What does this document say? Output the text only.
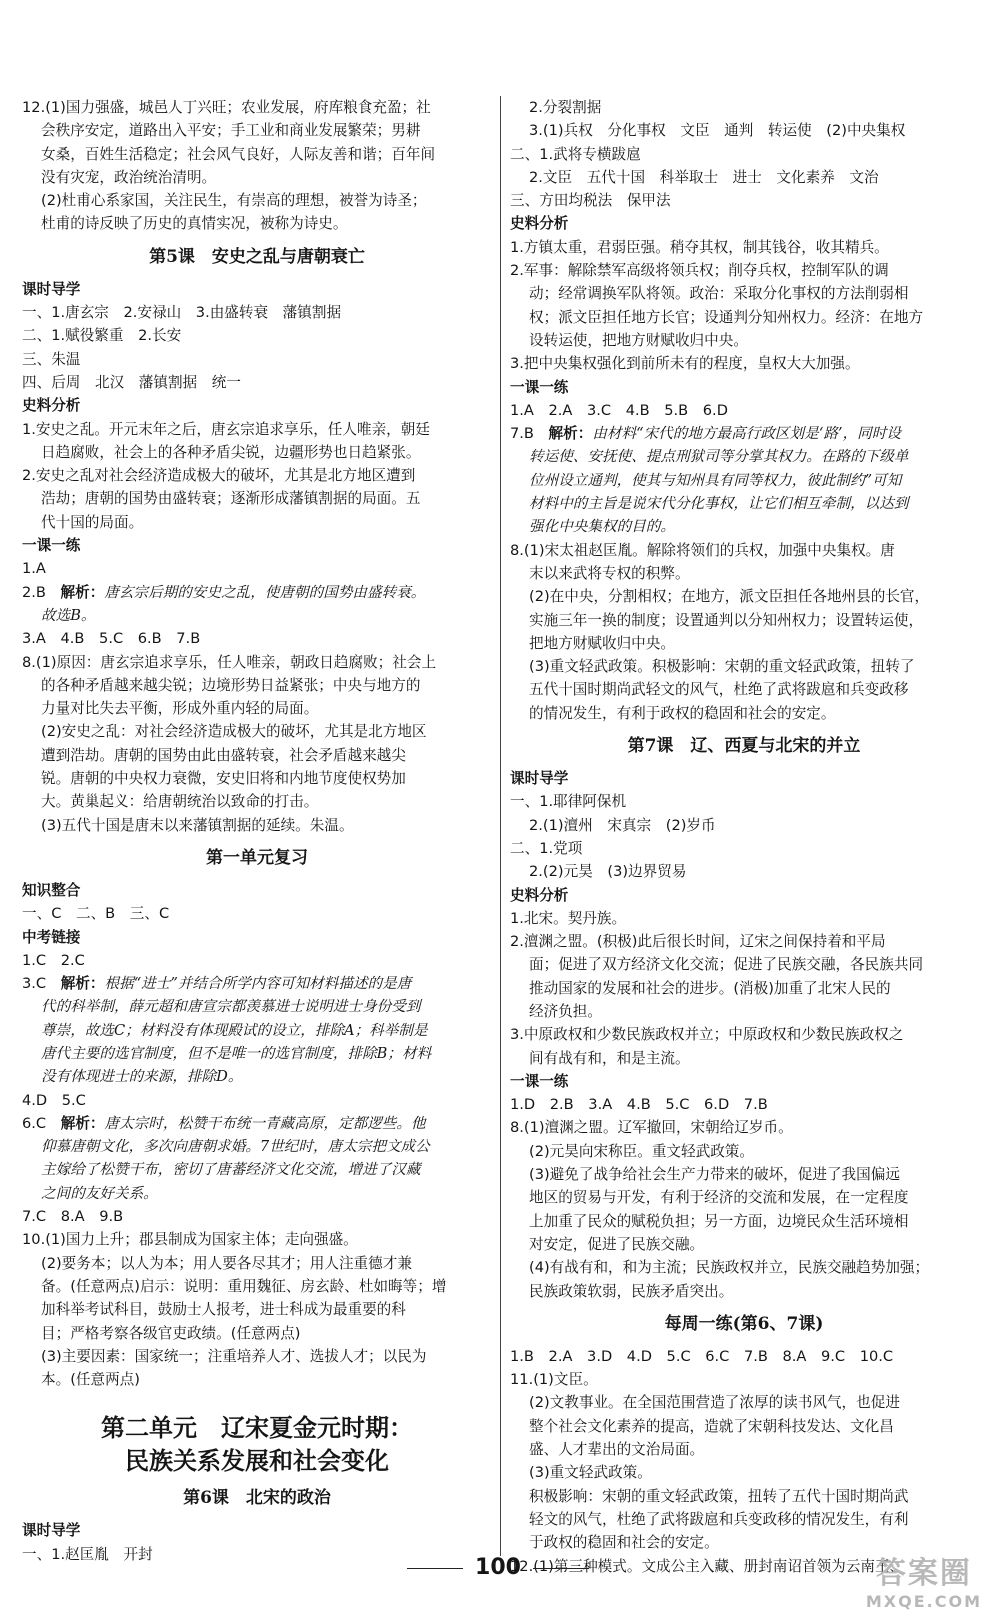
12.(1)国力强盛，城邑人丁兴旺；农业发展，府库粮食充盈；社
会秩序安定，道路出入平安；手工业和商业发展繁荣；男耕
女桑，百姓生活稳定；社会风气良好，人际友善和谐；百年间
没有灾宠，政治统治清明。
(2)杜甫心系家国，关注民生，有崇高的理想，被誉为诗圣；
杜甫的诗反映了历史的真情实况，被称为诗史。
第5课　安史之乱与唐朝衰亡
课时导学
一、1.唐玄宗　2.安禄山　3.由盛转衰　藩镇割据
二、1.赋役繁重　2.长安
三、朱温
四、后周　北汉　藩镇割据　统一
史料分析
1.安史之乱。开元末年之后，唐玄宗追求享乐，任人唯亲，朝廷
日趋腐败，社会上的各种矛盾尖锐，边疆形势也日趋紧张。
2.安史之乱对社会经济造成极大的破坏，尤其是北方地区遭到
浩劫；唐朝的国势由盛转衰；逐渐形成藩镇割据的局面。五
代十国的局面。
一课一练
1.A
2.B　解析：唐玄宗后期的安史之乱，使唐朝的国势由盛转衰。
故选B。
3.A　4.B　5.C　6.B　7.B
8.(1)原因：唐玄宗追求享乐，任人唯亲，朝政日趋腐败；社会上
的各种矛盾越来越尖锐；边境形势日益紧张；中央与地方的
力量对比失去平衡，形成外重内轻的局面。
(2)安史之乱：对社会经济造成极大的破坏，尤其是北方地区
遭到浩劫。唐朝的国势由此由盛转衰，社会矛盾越来越尖
锐。唐朝的中央权力衰微，安史旧将和内地节度使权势加
大。黄巢起义：给唐朝统治以致命的打击。
(3)五代十国是唐末以来藩镇割据的延续。朱温。
第一单元复习
知识整合
一、C　二、B　三、C
中考链接
1.C　2.C
3.C　解析：根据“进士”并结合所学内容可知材料描述的是唐
代的科举制，薛元超和唐宣宗都羡慕进士说明进士身份受到
尊崇，故选C；材料没有体现殿试的设立，排除A；科举制是
唐代主要的选官制度，但不是唯一的选官制度，排除B；材料
没有体现进士的来源，排除D。
4.D　5.C
6.C　解析：唐太宗时，松赞干布统一青藏高原，定都逻些。他
仰慕唐朝文化，多次向唐朝求婚。7世纪时，唐太宗把文成公
主嫁给了松赞干布，密切了唐蕃经济文化交流，增进了汉藏
之间的友好关系。
7.C　8.A　9.B
10.(1)国力上升；郡县制成为国家主体；走向强盛。
(2)要务本；以人为本；用人要各尽其才；用人注重德才兼
备。(任意两点)启示：说明：重用魏征、房玄龄、杜如晦等；增
加科举考试科目，鼓励士人报考，进士科成为最重要的科
目；严格考察各级官吏政绩。(任意两点)
(3)主要因素：国家统一；注重培养人才、选拔人才；以民为
本。(任意两点)
第二单元　辽宋夏金元时期：
民族关系发展和社会变化
第6课　北宋的政治
课时导学
一、1.赵匡胤　开封
2.分裂割据
3.(1)兵权　分化事权　文臣　通判　转运使　(2)中央集权
二、1.武将专横跋扈
2.文臣　五代十国　科举取士　进士　文化素养　文治
三、方田均税法　保甲法
史料分析
1.方镇太重，君弱臣强。稍夺其权，制其钱谷，收其精兵。
2.军事：解除禁军高级将领兵权；削夺兵权，控制军队的调
动；经常调换军队将领。政治：采取分化事权的方法削弱相
权；派文臣担任地方长官；设通判分知州权力。经济：在地方
设转运使，把地方财赋收归中央。
3.把中央集权强化到前所未有的程度，皇权大大加强。
一课一练
1.A　2.A　3.C　4.B　5.B　6.D
7.B　解析：由材料“宋代的地方最高行政区划是‘路’，同时设
转运使、安抚使、提点刑狱司等分掌其权力。在路的下级单
位州设立通判，使其与知州具有同等权力，彼此制约”可知
材料中的主旨是说宋代分化事权，让它们相互牵制，以达到
强化中央集权的目的。
8.(1)宋太祖赵匡胤。解除将领们的兵权，加强中央集权。唐
末以来武将专权的积弊。
(2)在中央，分割相权；在地方，派文臣担任各地州县的长官，
实施三年一换的制度；设置通判以分知州权力；设置转运使，
把地方财赋收归中央。
(3)重文轻武政策。积极影响：宋朝的重文轻武政策，扭转了
五代十国时期尚武轻文的风气，杜绝了武将跋扈和兵变政移
的情况发生，有利于政权的稳固和社会的安定。
第7课　辽、西夏与北宋的并立
课时导学
一、1.耶律阿保机
2.(1)澶州　宋真宗　(2)岁币
二、1.党项
2.(2)元昊　(3)边界贸易
史料分析
1.北宋。契丹族。
2.澶渊之盟。(积极)此后很长时间，辽宋之间保持着和平局
面；促进了双方经济文化交流；促进了民族交融，各民族共同
推动国家的发展和社会的进步。(消极)加重了北宋人民的
经济负担。
3.中原政权和少数民族政权并立；中原政权和少数民族政权之
间有战有和，和是主流。
一课一练
1.D　2.B　3.A　4.B　5.C　6.D　7.B
8.(1)澶渊之盟。辽军撤回，宋朝给辽岁币。
(2)元昊向宋称臣。重文轻武政策。
(3)避免了战争给社会生产力带来的破坏，促进了我国偏远
地区的贸易与开发，有利于经济的交流和发展，在一定程度
上加重了民众的赋税负担；另一方面，边境民众生活环境相
对安定，促进了民族交融。
(4)有战有和，和为主流；民族政权并立，民族交融趋势加强；
民族政策软弱，民族矛盾突出。
每周一练(第6、7课)
1.B　2.A　3.D　4.D　5.C　6.C　7.B　8.A　9.C　10.C
11.(1)文臣。
(2)文教事业。在全国范围营造了浓厚的读书风气，也促进
整个社会文化素养的提高，造就了宋朝科技发达、文化昌
盛、人才辈出的文治局面。
(3)重文轻武政策。
积极影响：宋朝的重文轻武政策，扭转了五代十国时期尚武
轻文的风气，杜绝了武将跋扈和兵变政移的情况发生，有利
于政权的稳固和社会的安定。
12.(1)第三种模式。文成公主入藏、册封南诏首领为云南王、
100	答案圈
MXQE.COM
